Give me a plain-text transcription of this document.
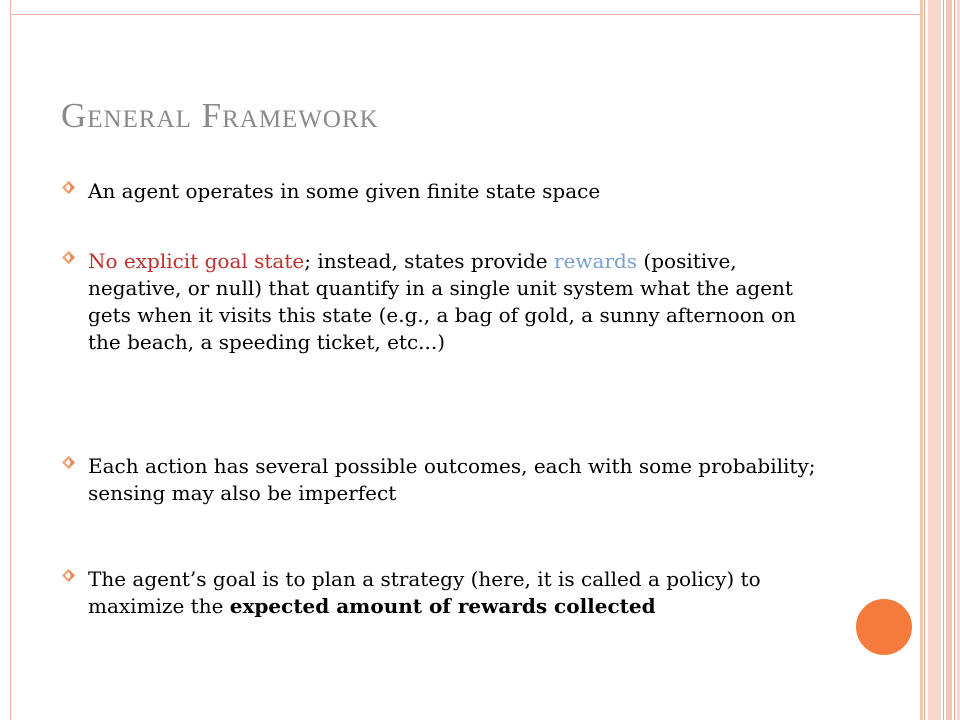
General Framework
An agent operates in some given finite state space
No explicit goal state; instead, states provide rewards (positive, negative, or null) that quantify in a single unit system what the agent gets when it visits this state (e.g., a bag of gold, a sunny afternoon on the beach, a speeding ticket, etc...)
Each action has several possible outcomes, each with some probability; sensing may also be imperfect
The agent’s goal is to plan a strategy (here, it is called a policy) to maximize the expected amount of rewards collected
